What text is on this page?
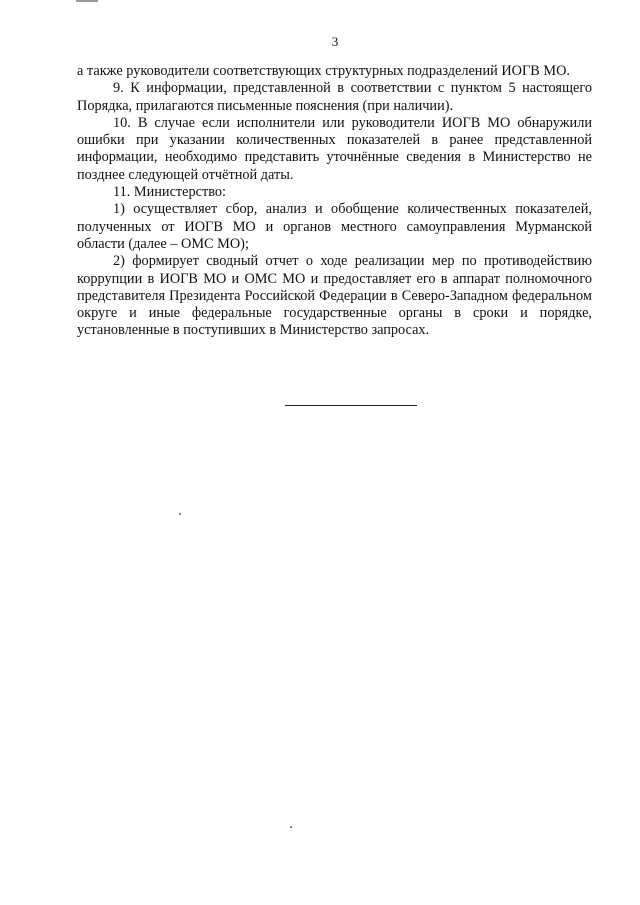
3

а также руководители соответствующих структурных подразделений ИОГВ МО.

9. К информации, представленной в соответствии с пунктом 5 настоящего Порядка, прилагаются письменные пояснения (при наличии).

10. В случае если исполнители или руководители ИОГВ МО обнаружили ошибки при указании количественных показателей в ранее представленной информации, необходимо представить уточнённые сведения в Министерство не позднее следующей отчётной даты.

11. Министерство:

1) осуществляет сбор, анализ и обобщение количественных показателей, полученных от ИОГВ МО и органов местного самоуправления Мурманской области (далее – ОМС МО);

2) формирует сводный отчет о ходе реализации мер по противодействию коррупции в ИОГВ МО и ОМС МО и предоставляет его в аппарат полномочного представителя Президента Российской Федерации в Северо-Западном федеральном округе и иные федеральные государственные органы в сроки и порядке, установленные в поступивших в Министерство запросах.
